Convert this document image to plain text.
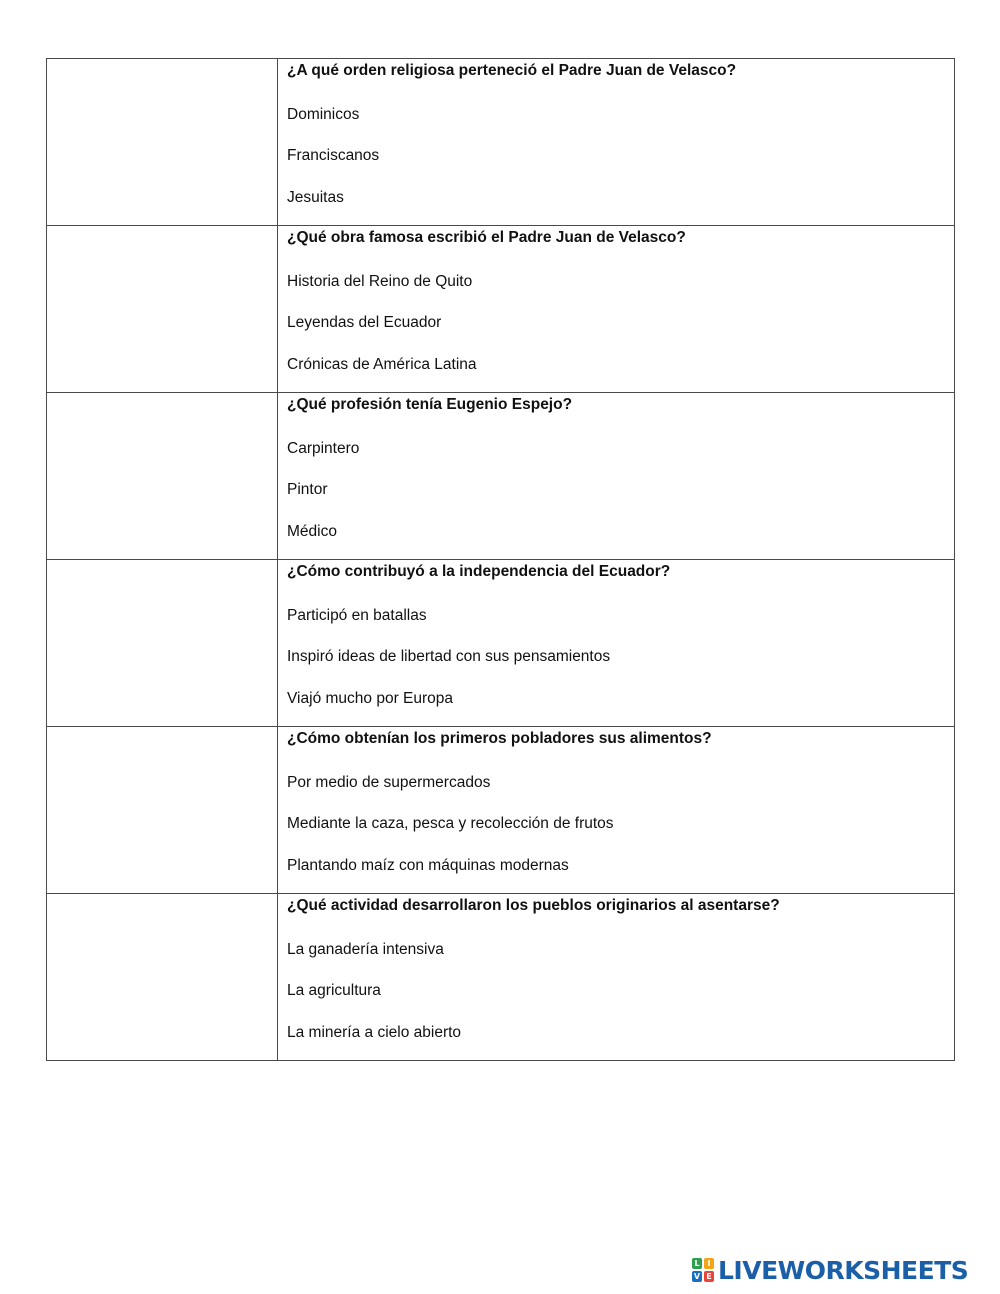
	¿A qué orden religiosa perteneció el Padre Juan de Velasco?
Dominicos
Franciscanos
Jesuitas

	¿Qué obra famosa escribió el Padre Juan de Velasco?
Historia del Reino de Quito
Leyendas del Ecuador
Crónicas de América Latina

	¿Qué profesión tenía Eugenio Espejo?
Carpintero
Pintor
Médico

	¿Cómo contribuyó a la independencia del Ecuador?
Participó en batallas
Inspiró ideas de libertad con sus pensamientos
Viajó mucho por Europa

	¿Cómo obtenían los primeros pobladores sus alimentos?
Por medio de supermercados
Mediante la caza, pesca y recolección de frutos
Plantando maíz con máquinas modernas

	¿Qué actividad desarrollaron los pueblos originarios al asentarse?
La ganadería intensiva
La agricultura
La minería a cielo abierto
L I
V E LIVEWORKSHEETS
